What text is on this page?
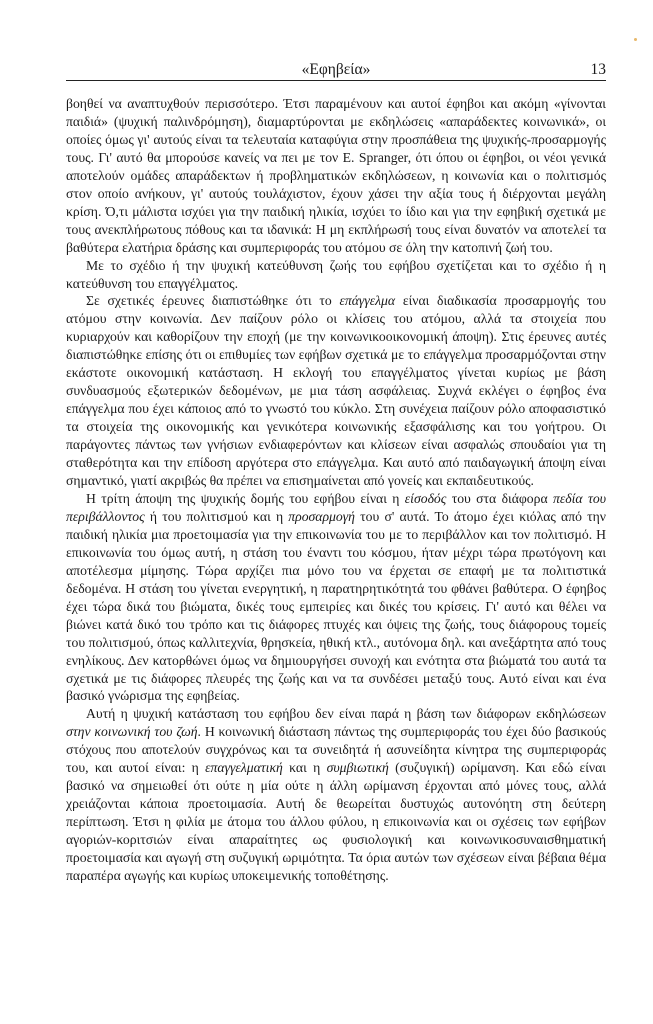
«Εφηβεία»	13

βοηθεί να αναπτυχθούν περισσότερο. Έτσι παραμένουν και αυτοί έφηβοι και ακόμη «γίνονται παιδιά» (ψυχική παλινδρόμηση), διαμαρτύρονται με εκδηλώσεις «απαράδεκτες κοινωνικά», οι οποίες όμως γι' αυτούς είναι τα τελευταία καταφύγια στην προσπάθεια της ψυχικής-προσαρμογής τους. Γι' αυτό θα μπορούσε κανείς να πει με τον E. Spranger, ότι όπου οι έφηβοι, οι νέοι γενικά αποτελούν ομάδες απαράδεκτων ή προβληματικών εκδηλώσεων, η κοινωνία και ο πολιτισμός στον οποίο ανήκουν, γι' αυτούς τουλάχιστον, έχουν χάσει την αξία τους ή διέρχονται μεγάλη κρίση. Ό,τι μάλιστα ισχύει για την παιδική ηλικία, ισχύει το ίδιο και για την εφηβική σχετικά με τους ανεκπλήρωτους πόθους και τα ιδανικά: Η μη εκπλήρωσή τους είναι δυνατόν να αποτελεί τα βαθύτερα ελατήρια δράσης και συμπεριφοράς του ατόμου σε όλη την κατοπινή ζωή του.

Με το σχέδιο ή την ψυχική κατεύθυνση ζωής του εφήβου σχετίζεται και το σχέδιο ή η κατεύθυνση του επαγγέλματος.

Σε σχετικές έρευνες διαπιστώθηκε ότι το επάγγελμα είναι διαδικασία προσαρμογής του ατόμου στην κοινωνία. Δεν παίζουν ρόλο οι κλίσεις του ατόμου, αλλά τα στοιχεία που κυριαρχούν και καθορίζουν την εποχή (με την κοινωνικοοικονομική άποψη). Στις έρευνες αυτές διαπιστώθηκε επίσης ότι οι επιθυμίες των εφήβων σχετικά με το επάγγελμα προσαρμόζονται στην εκάστοτε οικονομική κατάσταση. Η εκλογή του επαγγέλματος γίνεται κυρίως με βάση συνδυασμούς εξωτερικών δεδομένων, με μια τάση ασφάλειας. Συχνά εκλέγει ο έφηβος ένα επάγγελμα που έχει κάποιος από το γνωστό του κύκλο. Στη συνέχεια παίζουν ρόλο αποφασιστικό τα στοιχεία της οικονομικής και γενικότερα κοινωνικής εξασφάλισης και του γοήτρου. Οι παράγοντες πάντως των γνήσιων ενδιαφερόντων και κλίσεων είναι ασφαλώς σπουδαίοι για τη σταθερότητα και την επίδοση αργότερα στο επάγγελμα. Και αυτό από παιδαγωγική άποψη είναι σημαντικό, γιατί ακριβώς θα πρέπει να επισημαίνεται από γονείς και εκπαιδευτικούς.

Η τρίτη άποψη της ψυχικής δομής του εφήβου είναι η είσοδός του στα διάφορα πεδία του περιβάλλοντος ή του πολιτισμού και η προσαρμογή του σ' αυτά. Το άτομο έχει κιόλας από την παιδική ηλικία μια προετοιμασία για την επικοινωνία του με το περιβάλλον και τον πολιτισμό. Η επικοινωνία του όμως αυτή, η στάση του έναντι του κόσμου, ήταν μέχρι τώρα πρωτόγονη και αποτέλεσμα μίμησης. Τώρα αρχίζει πια μόνο του να έρχεται σε επαφή με τα πολιτιστικά δεδομένα. Η στάση του γίνεται ενεργητική, η παρατηρητικότητά του φθάνει βαθύτερα. Ο έφηβος έχει τώρα δικά του βιώματα, δικές τους εμπειρίες και δικές του κρίσεις. Γι' αυτό και θέλει να βιώνει κατά δικό του τρόπο και τις διάφορες πτυχές και όψεις της ζωής, τους διάφορους τομείς του πολιτισμού, όπως καλλιτεχνία, θρησκεία, ηθική κτλ., αυτόνομα δηλ. και ανεξάρτητα από τους ενηλίκους. Δεν κατορθώνει όμως να δημιουργήσει συνοχή και ενότητα στα βιώματά του αυτά τα σχετικά με τις διάφορες πλευρές της ζωής και να τα συνδέσει μεταξύ τους. Αυτό είναι και ένα βασικό γνώρισμα της εφηβείας.

Αυτή η ψυχική κατάσταση του εφήβου δεν είναι παρά η βάση των διάφορων εκδηλώσεων στην κοινωνική του ζωή. Η κοινωνική διάσταση πάντως της συμπεριφοράς του έχει δύο βασικούς στόχους που αποτελούν συγχρόνως και τα συνειδητά ή ασυνείδητα κίνητρα της συμπεριφοράς του, και αυτοί είναι: η επαγγελματική και η συμβιωτική (συζυγική) ωρίμανση. Και εδώ είναι βασικό να σημειωθεί ότι ούτε η μία ούτε η άλλη ωρίμανση έρχονται από μόνες τους, αλλά χρειάζονται κάποια προετοιμασία. Αυτή δε θεωρείται δυστυχώς αυτονόητη στη δεύτερη περίπτωση. Έτσι η φιλία με άτομα του άλλου φύλου, η επικοινωνία και οι σχέσεις των εφήβων αγοριών-κοριτσιών είναι απαραίτητες ως φυσιολογική και κοινωνικοσυναισθηματική προετοιμασία και αγωγή στη συζυγική ωριμότητα. Τα όρια αυτών των σχέσεων είναι βέβαια θέμα παραπέρα αγωγής και κυρίως υποκειμενικής τοποθέτησης.
